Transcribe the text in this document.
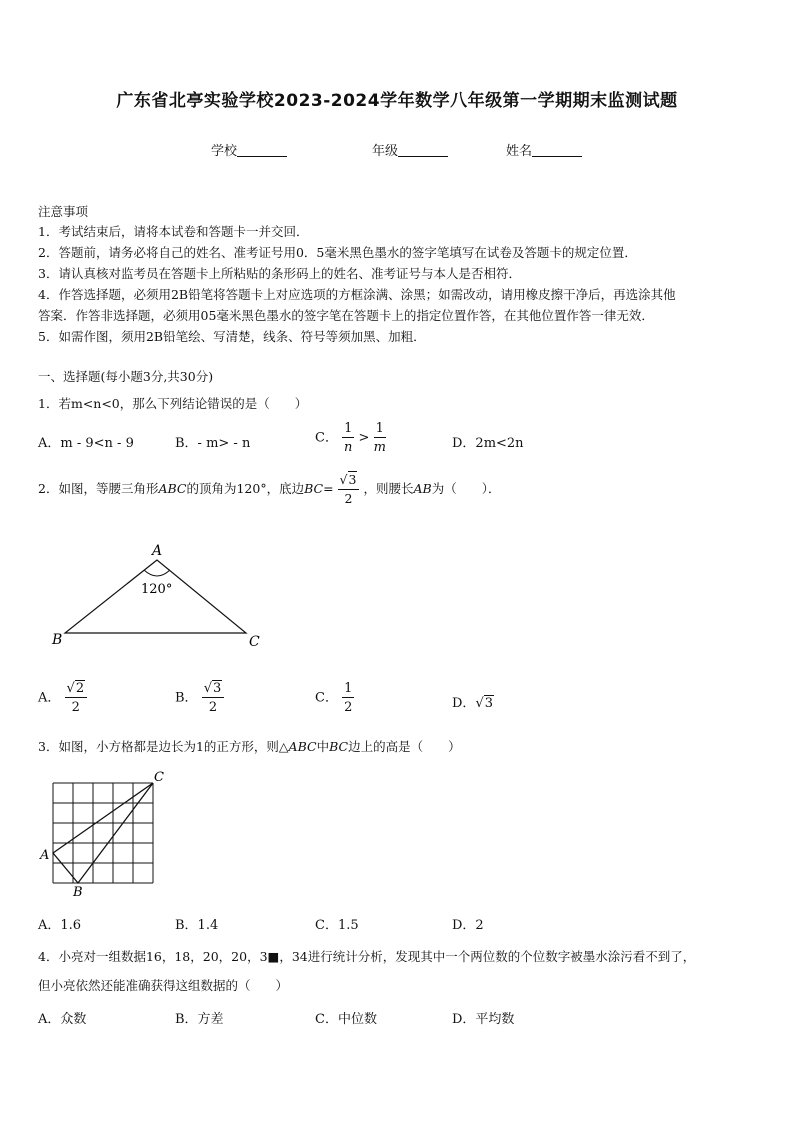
广东省北亭实验学校2023-2024学年数学八年级第一学期期末监测试题
学校	年级	姓名
注意事项
1．考试结束后，请将本试卷和答题卡一并交回．
2．答题前，请务必将自己的姓名、准考证号用0．5毫米黑色墨水的签字笔填写在试卷及答题卡的规定位置．
3．请认真核对监考员在答题卡上所粘贴的条形码上的姓名、准考证号与本人是否相符．
4．作答选择题，必须用2B铅笔将答题卡上对应选项的方框涂满、涂黑；如需改动，请用橡皮擦干净后，再选涂其他
答案．作答非选择题，必须用05毫米黑色墨水的签字笔在答题卡上的指定位置作答，在其他位置作答一律无效．
5．如需作图，须用2B铅笔绘、写清楚，线条、符号等须加黑、加粗．
一、选择题(每小题3分,共30分)
1．若m<n<0，那么下列结论错误的是（　　）
A．m - 9<n - 9	B．- m> - n	C． $\frac{1}{n} > \frac{1}{m}$	D．2m<2n
2．如图，等腰三角形ABC的顶角为120°，底边$BC= \frac{√3}{2}$ ，则腰长AB为（　　）．
A
B	C
120°
A． $\frac{√2}{2}$	B． $\frac{√3}{2}$	C． $\frac{1}{2}$	D．√3
3．如图，小方格都是边长为1的正方形，则△ABC中BC边上的高是（　　）
A
B
C
A．1.6	B．1.4	C．1.5	D．2
4．小亮对一组数据16，18，20，20，3■，34进行统计分析，发现其中一个两位数的个位数字被墨水涂污看不到了，
但小亮依然还能准确获得这组数据的（　　）
A．众数	B．方差	C．中位数	D．平均数
